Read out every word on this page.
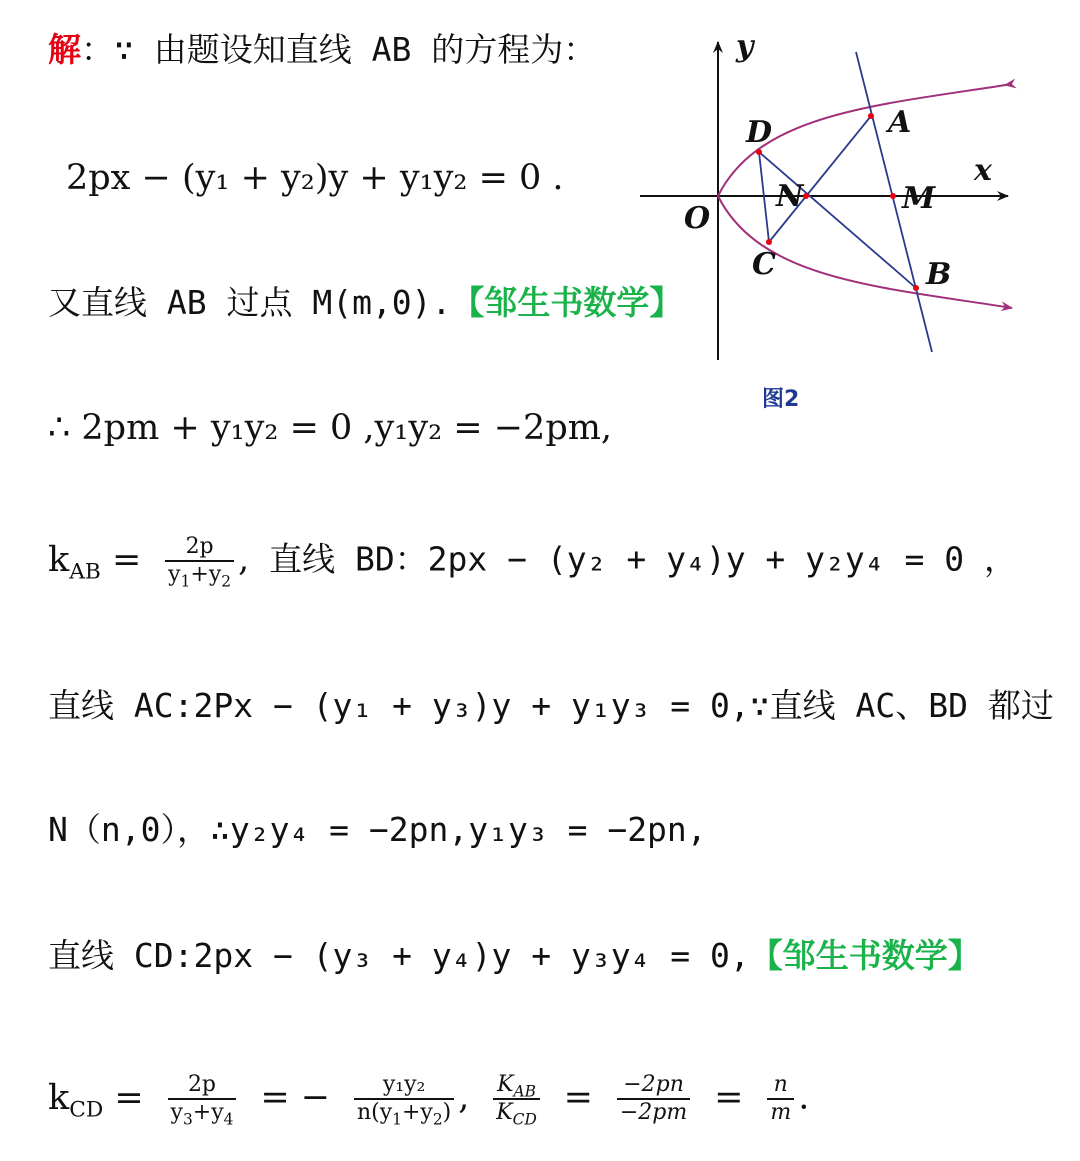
解：∵ 由题设知直线 AB 的方程为：
2px − (y₁ + y₂)y + y₁y₂ = 0 .
又直线 AB 过点 M(m,0).【邹生书数学】
∴ 2pm + y₁y₂ = 0 ,y₁y₂ = −2pm,
$k_{AB} = \frac{2p}{y_1+y_2}$ , 直线 BD：2px − (y₂ + y₄)y + y₂y₄ = 0 ，
直线 AC:2Px − (y₁ + y₃)y + y₁y₃ = 0,∵直线 AC、BD 都过
N（n,0），∴y₂y₄ = −2pn,y₁y₃ = −2pn,
直线 CD:2px − (y₃ + y₄)y + y₃y₄ = 0,【邹生书数学】
$k_{CD} = \frac{2p}{y_3+y_4}$ = − $\frac{\text{y₁y₂}}{n(y_1+y_2)}$ , $\frac{K_{AB}}{K_{CD}} = \frac{-2pn}{-2pm} = \frac{n}{m}$ .
y
x
O
A
B
C
D
M
N
图2
